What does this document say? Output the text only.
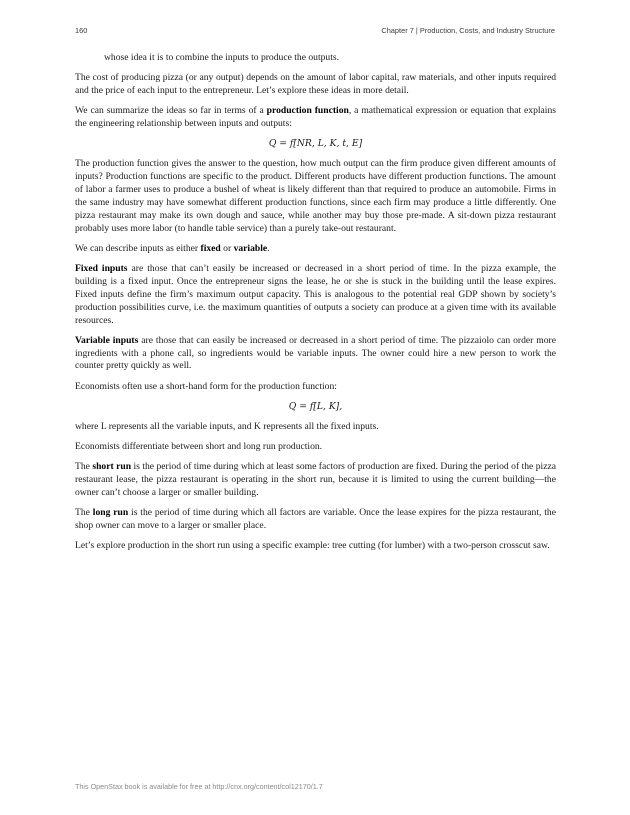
160	Chapter 7 | Production, Costs, and Industry Structure

whose idea it is to combine the inputs to produce the outputs.

The cost of producing pizza (or any output) depends on the amount of labor capital, raw materials, and other inputs required and the price of each input to the entrepreneur. Let’s explore these ideas in more detail.

We can summarize the ideas so far in terms of a production function, a mathematical expression or equation that explains the engineering relationship between inputs and outputs:

Q = f[NR, L, K, t, E]

The production function gives the answer to the question, how much output can the firm produce given different amounts of inputs? Production functions are specific to the product. Different products have different production functions. The amount of labor a farmer uses to produce a bushel of wheat is likely different than that required to produce an automobile. Firms in the same industry may have somewhat different production functions, since each firm may produce a little differently. One pizza restaurant may make its own dough and sauce, while another may buy those pre-made. A sit-down pizza restaurant probably uses more labor (to handle table service) than a purely take-out restaurant.

We can describe inputs as either fixed or variable.

Fixed inputs are those that can’t easily be increased or decreased in a short period of time. In the pizza example, the building is a fixed input. Once the entrepreneur signs the lease, he or she is stuck in the building until the lease expires. Fixed inputs define the firm’s maximum output capacity. This is analogous to the potential real GDP shown by society’s production possibilities curve, i.e. the maximum quantities of outputs a society can produce at a given time with its available resources.

Variable inputs are those that can easily be increased or decreased in a short period of time. The pizzaiolo can order more ingredients with a phone call, so ingredients would be variable inputs. The owner could hire a new person to work the counter pretty quickly as well.

Economists often use a short-hand form for the production function:

Q = f[L, K],

where L represents all the variable inputs, and K represents all the fixed inputs.

Economists differentiate between short and long run production.

The short run is the period of time during which at least some factors of production are fixed. During the period of the pizza restaurant lease, the pizza restaurant is operating in the short run, because it is limited to using the current building—the owner can’t choose a larger or smaller building.

The long run is the period of time during which all factors are variable. Once the lease expires for the pizza restaurant, the shop owner can move to a larger or smaller place.

Let’s explore production in the short run using a specific example: tree cutting (for lumber) with a two-person crosscut saw.

This OpenStax book is available for free at http://cnx.org/content/col12170/1.7
